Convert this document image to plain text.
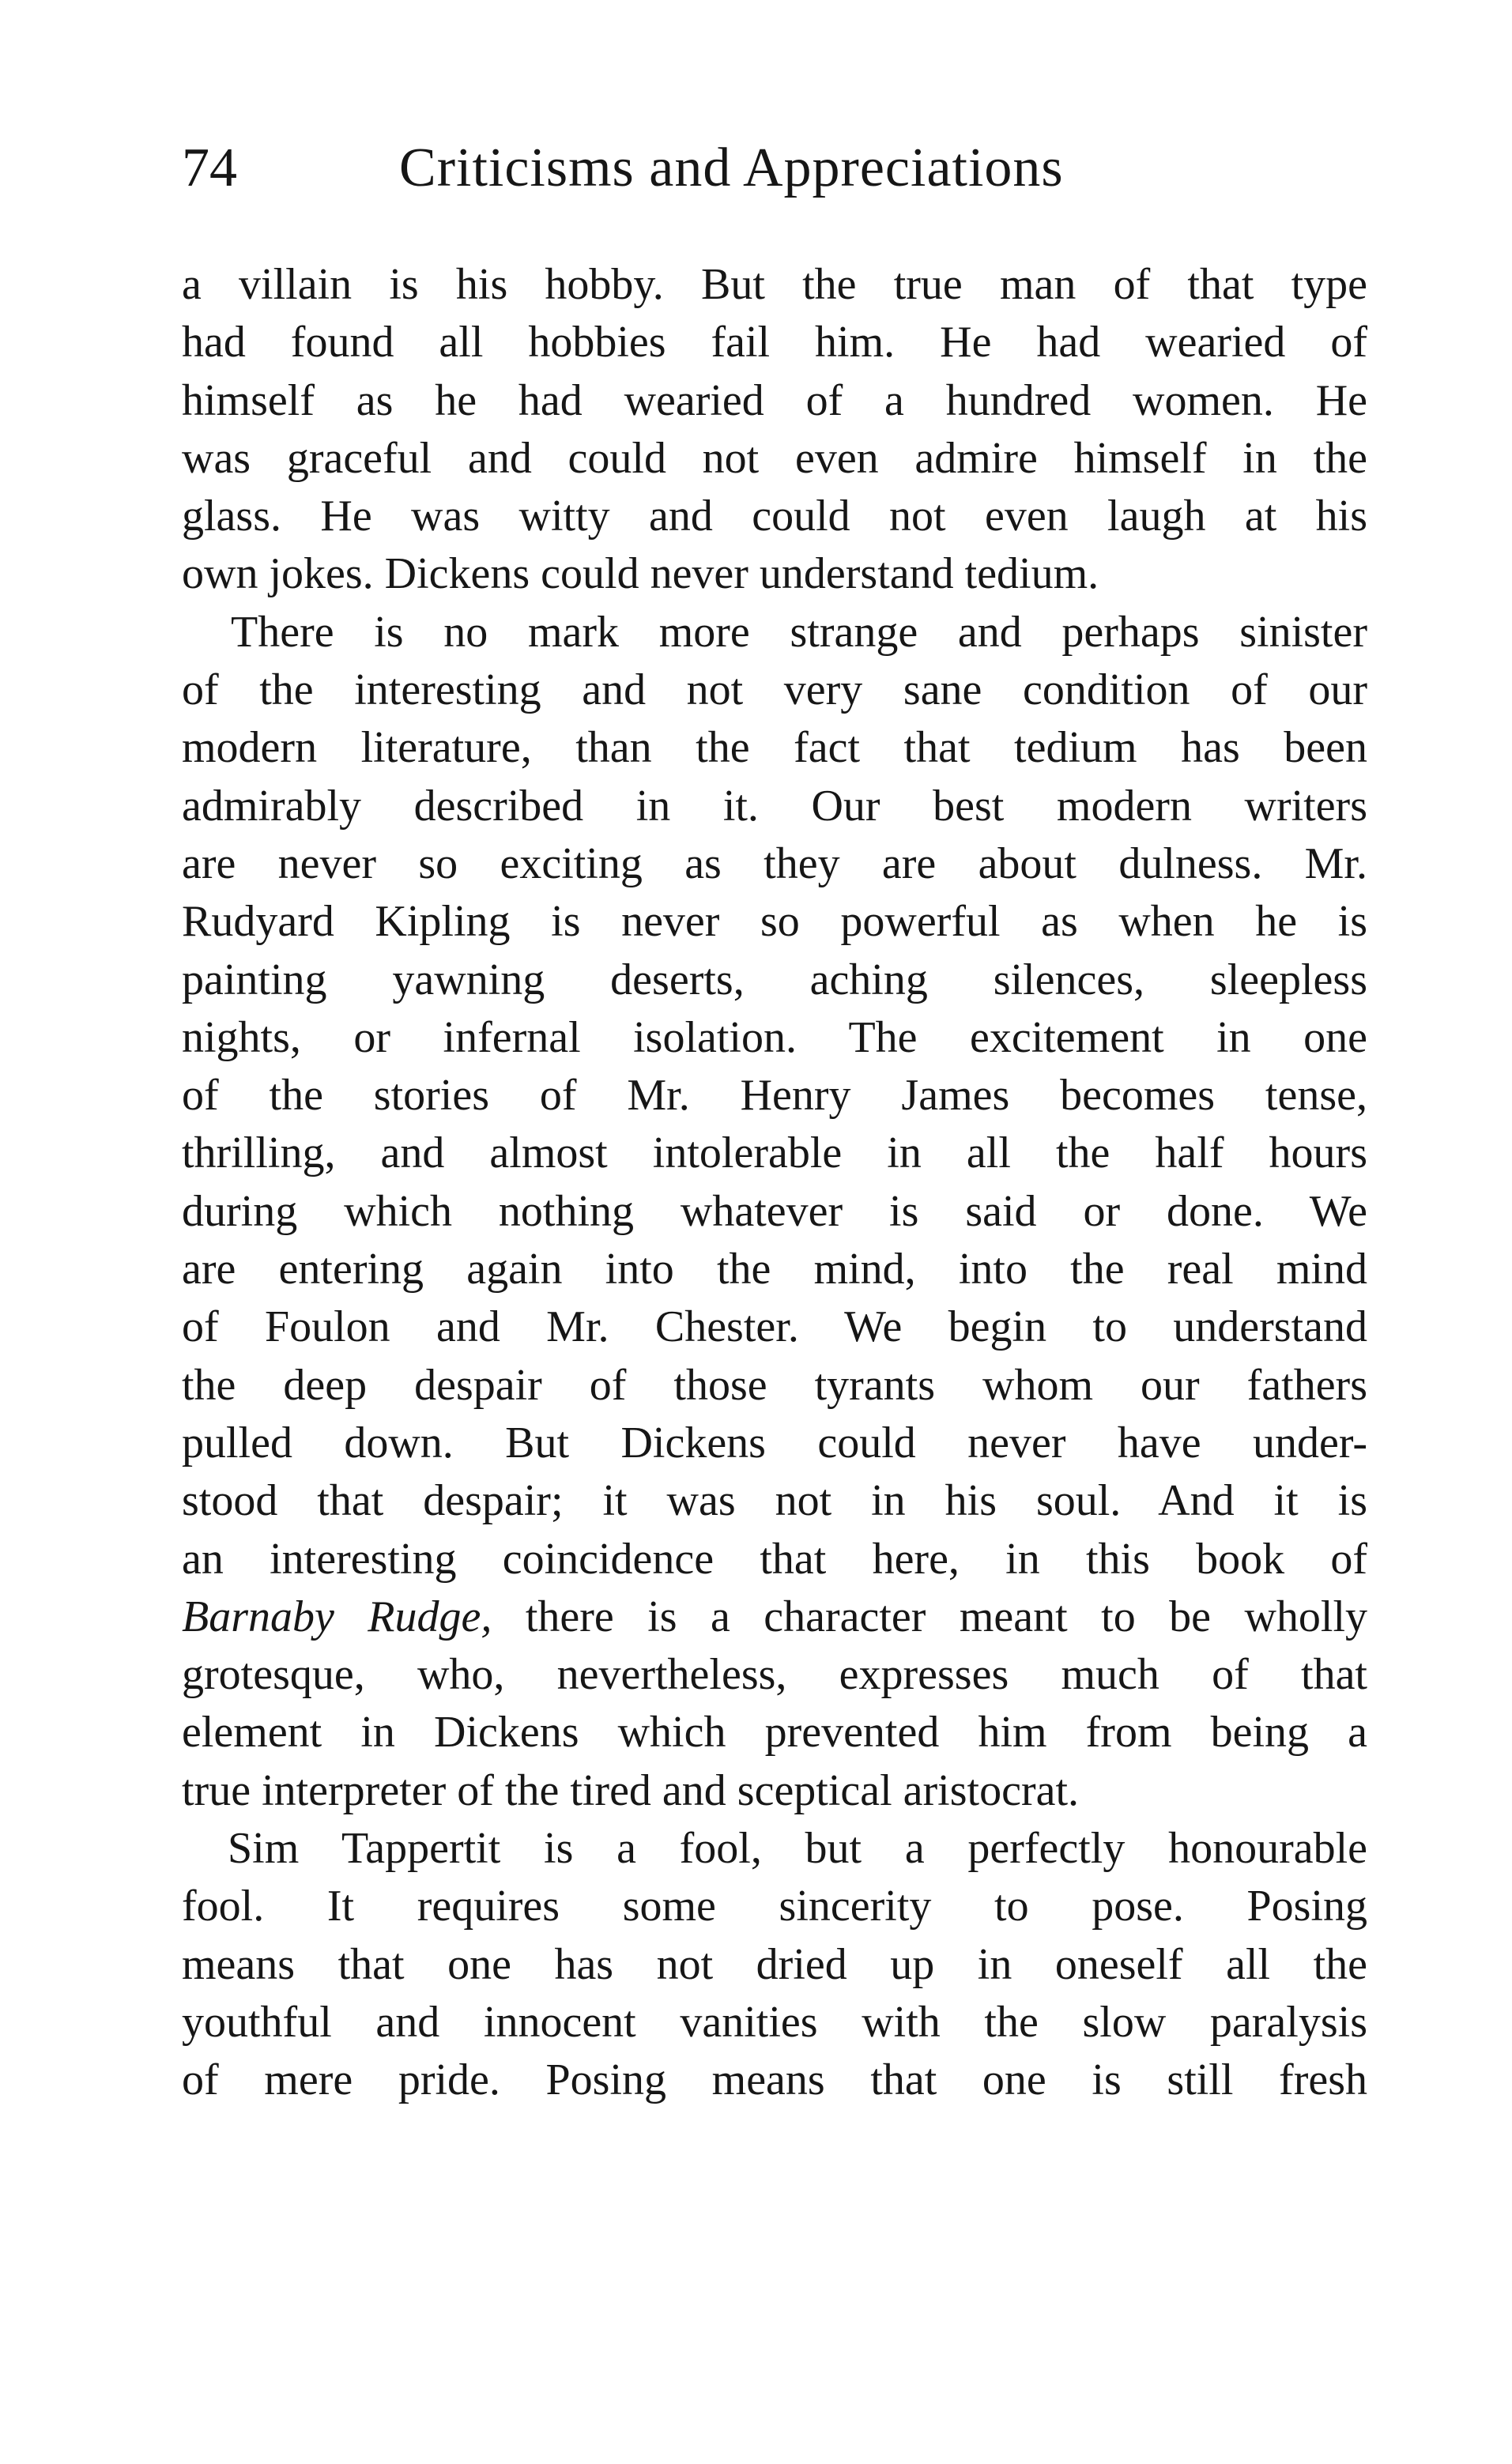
74	Criticisms and Appreciations
a villain is his hobby. But the true man of that type
had found all hobbies fail him. He had wearied of
himself as he had wearied of a hundred women. He
was graceful and could not even admire himself in the
glass. He was witty and could not even laugh at his
own jokes. Dickens could never understand tedium.
There is no mark more strange and perhaps sinister
of the interesting and not very sane condition of our
modern literature, than the fact that tedium has been
admirably described in it. Our best modern writers
are never so exciting as they are about dulness. Mr.
Rudyard Kipling is never so powerful as when he is
painting yawning deserts, aching silences, sleepless
nights, or infernal isolation. The excitement in one
of the stories of Mr. Henry James becomes tense,
thrilling, and almost intolerable in all the half hours
during which nothing whatever is said or done. We
are entering again into the mind, into the real mind
of Foulon and Mr. Chester. We begin to understand
the deep despair of those tyrants whom our fathers
pulled down. But Dickens could never have under-
stood that despair; it was not in his soul. And it is
an interesting coincidence that here, in this book of
Barnaby Rudge, there is a character meant to be wholly
grotesque, who, nevertheless, expresses much of that
element in Dickens which prevented him from being a
true interpreter of the tired and sceptical aristocrat.
Sim Tappertit is a fool, but a perfectly honourable
fool. It requires some sincerity to pose. Posing
means that one has not dried up in oneself all the
youthful and innocent vanities with the slow paralysis
of mere pride. Posing means that one is still fresh
